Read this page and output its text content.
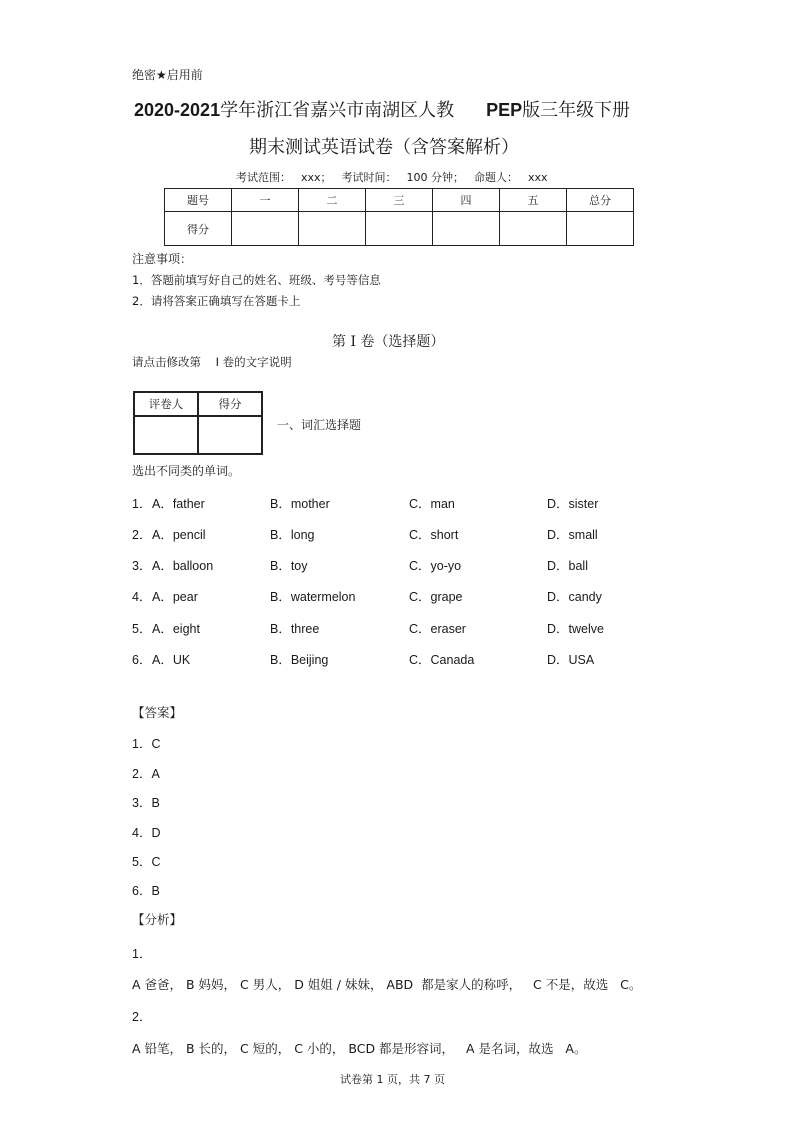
绝密★启用前
2020-2021学年浙江省嘉兴市南湖区人教 PEP版三年级下册
期末测试英语试卷（含答案解析）
考试范围： xxx； 考试时间： 100 分钟； 命题人： xxx
题号	一	二	三	四	五	总分
得分						
注意事项：
1．答题前填写好自己的姓名、班级、考号等信息
2．请将答案正确填写在答题卡上
第 I 卷（选择题）
请点击修改第    I 卷的文字说明
评卷人	得分

一、词汇选择题
选出不同类的单词。
1． A．father	B．mother	C．man	D．sister
2． A．pencil	B．long	C．short	D．small
3． A．balloon	B．toy	C．yo-yo	D．ball
4． A．pear	B．watermelon	C．grape	D．candy
5． A．eight	B．three	C．eraser	D．twelve
6． A．UK	B．Beijing	C．Canada	D．USA
【答案】
1．C
2．A
3．B
4．D
5．C
6．B
【分析】
1．
A 爸爸， B 妈妈， C 男人， D 姐姐 / 妹妹， ABD  都是家人的称呼，   C 不是，故选   C。
2．
A 铅笔， B 长的， C 短的， C 小的， BCD 都是形容词，   A 是名词，故选   A。
试卷第 1 页，共 7 页
